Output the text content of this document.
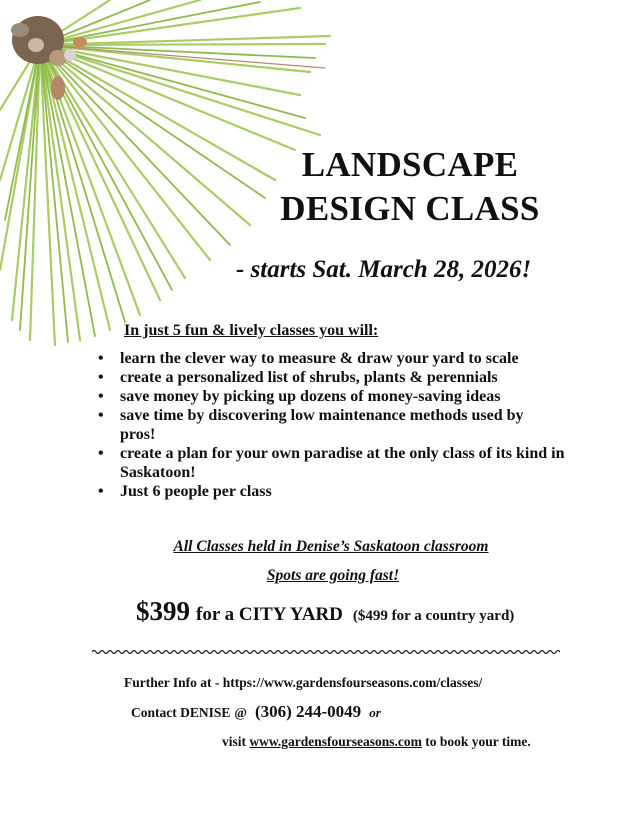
LANDSCAPE
DESIGN CLASS
- starts Sat. March 28, 2026!
In just 5 fun & lively classes you will:
• learn the clever way to measure & draw your yard to scale
• create a personalized list of shrubs, plants & perennials
• save money by picking up dozens of money-saving ideas
• save time by discovering low maintenance methods used by pros!
• create a plan for your own paradise at the only class of its kind in Saskatoon!
• Just 6 people per class
All Classes held in Denise’s Saskatoon classroom
Spots are going fast!
$399 for a CITY YARD ($499 for a country yard)
Further Info at - https://www.gardensfourseasons.com/classes/
Contact DENISE @ (306) 244-0049 or
visit www.gardensfourseasons.com to book your time.
